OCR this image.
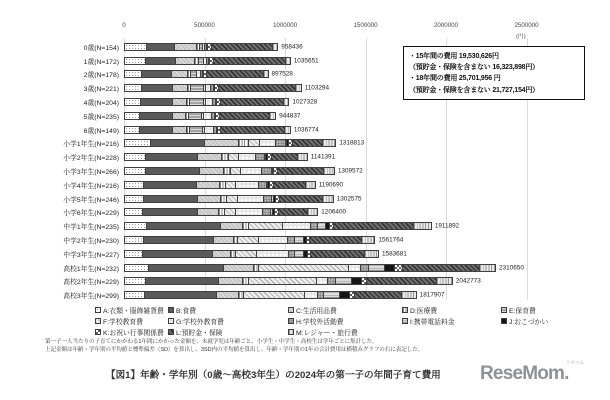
0	500000	1000000	1500000	2000000	2500000
(円)
0歳(N=154)	958436
1歳(N=172)	1035651
2歳(N=178)	897528
3歳(N=221)	1103294
4歳(N=204)	1027328
5歳(N=235)	944837
6歳(N=149)	1036774
小学1年生(N=216)	1318813
小学2年生(N=228)	1141391
小学3年生(N=266)	1309572
小学4年生(N=216)	1190690
小学5年生(N=246)	1302575
小学6年生(N=229)	1206400
中学1年生(N=235)	1911892
中学2年生(N=230)	1561764
中学3年生(N=227)	1583681
高校1年生(N=232)	2310650
高校2年生(N=229)	2042773
高校3年生(N=299)	1817907
・15年間の費用 19,530,626円
（預貯金・保険を含まない 16,323,898円）
・18年間の費用 25,701,956 円
（預貯金・保険を含まない 21,727,154円）
A:衣類・服飾雑貨費 B:食費	C:生活用品費	D:医療費	E:保育費
F:学校教育費	G:学校外教育費	H:学校外活動費	I:携帯電話料金	J:おこづかい
K:お祝い行事関係費 L:預貯金・保険	M:レジャー・旅行費
第一子一人当たりの子育てにかかわる1年間にかかった金額を、未就学児は年齢ごと、小学生・中学生・高校生は学年ごとに集計した。
上記金額は年齢・学年別の平均値と標準偏差（SD）を算出し、3SD内の平均値を算出し、年齢・学年別の1年の合計費用は横積みグラフの右に表記した。
【図1】年齢・学年別（0歳～高校3年生）の2024年の第一子の年間子育て費用 ReseMom.
リセマム
